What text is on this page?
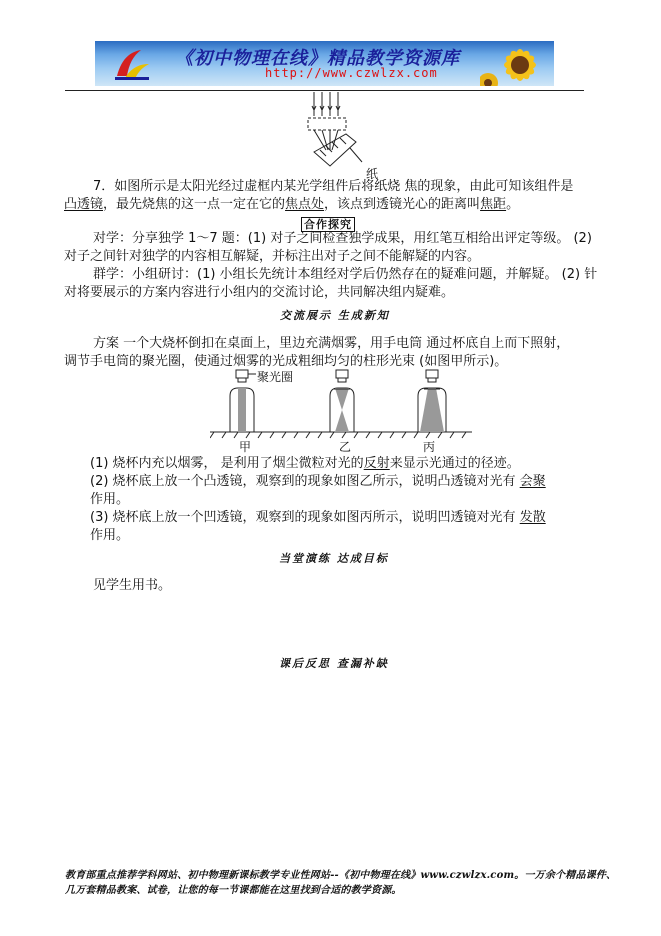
《初中物理在线》精品教学资源库
http://www.czwlzx.com
纸
7．如图所示是太阳光经过虚框内某光学组件后将纸烧 焦的现象，由此可知该组件是
凸透镜，最先烧焦的这一点一定在它的焦点处，该点到透镜光心的距离叫焦距。
合作探究
对学：分享独学 1～7 题：(1) 对子之间检查独学成果，用红笔互相给出评定等级。 (2)
对子之间针对独学的内容相互解疑，并标注出对子之间不能解疑的内容。
群学：小组研讨：(1) 小组长先统计本组经对学后仍然存在的疑难问题，并解疑。 (2) 针
对将要展示的方案内容进行小组内的交流讨论，共同解决组内疑难。
交流展示 生成新知
方案 一个大烧杯倒扣在桌面上，里边充满烟雾，用手电筒 通过杯底自上而下照射，
调节手电筒的聚光圈，使通过烟雾的光成粗细均匀的柱形光束 (如图甲所示)。
聚光圈
甲	乙	丙
(1) 烧杯内充以烟雾， 是利用了烟尘微粒对光的反射来显示光通过的径迹。
(2) 烧杯底上放一个凸透镜，观察到的现象如图乙所示，说明凸透镜对光有 会聚
作用。
(3) 烧杯底上放一个凹透镜，观察到的现象如图丙所示，说明凹透镜对光有 发散
作用。
当堂演练 达成目标
见学生用书。
课后反思 查漏补缺
教育部重点推荐学科网站、初中物理新课标教学专业性网站--《初中物理在线》www.czwlzx.com。一万余个精品课件、
几万套精品教案、试卷，让您的每一节课都能在这里找到合适的教学资源。
